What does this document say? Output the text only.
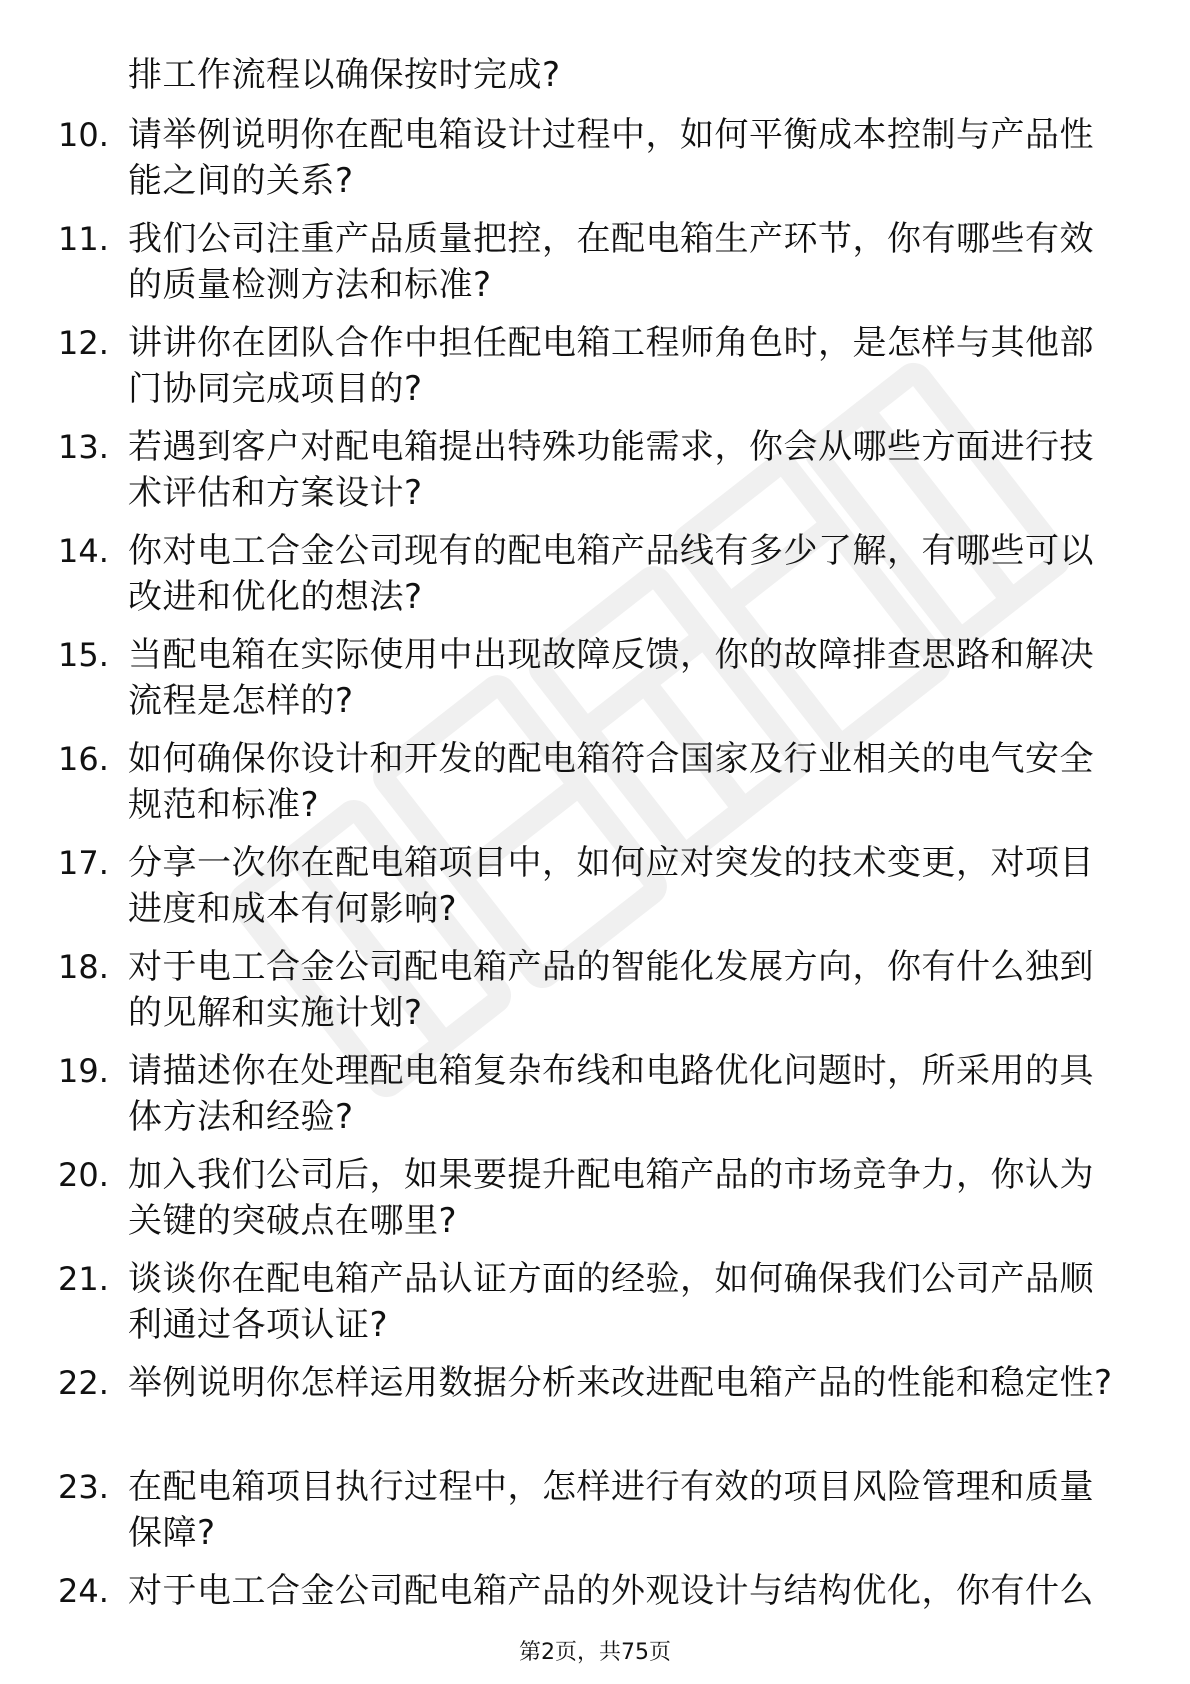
排工作流程以确保按时完成?
10. 请举例说明你在配电箱设计过程中，如何平衡成本控制与产品性能之间的关系?
11. 我们公司注重产品质量把控，在配电箱生产环节，你有哪些有效的质量检测方法和标准?
12. 讲讲你在团队合作中担任配电箱工程师角色时，是怎样与其他部门协同完成项目的?
13. 若遇到客户对配电箱提出特殊功能需求，你会从哪些方面进行技术评估和方案设计?
14. 你对电工合金公司现有的配电箱产品线有多少了解，有哪些可以改进和优化的想法?
15. 当配电箱在实际使用中出现故障反馈，你的故障排查思路和解决流程是怎样的?
16. 如何确保你设计和开发的配电箱符合国家及行业相关的电气安全规范和标准?
17. 分享一次你在配电箱项目中，如何应对突发的技术变更，对项目进度和成本有何影响?
18. 对于电工合金公司配电箱产品的智能化发展方向，你有什么独到的见解和实施计划?
19. 请描述你在处理配电箱复杂布线和电路优化问题时，所采用的具体方法和经验?
20. 加入我们公司后，如果要提升配电箱产品的市场竞争力，你认为关键的突破点在哪里?
21. 谈谈你在配电箱产品认证方面的经验，如何确保我们公司产品顺利通过各项认证?
22. 举例说明你怎样运用数据分析来改进配电箱产品的性能和稳定性?
23. 在配电箱项目执行过程中，怎样进行有效的项目风险管理和质量保障?
24. 对于电工合金公司配电箱产品的外观设计与结构优化，你有什么
第2页，共75页
